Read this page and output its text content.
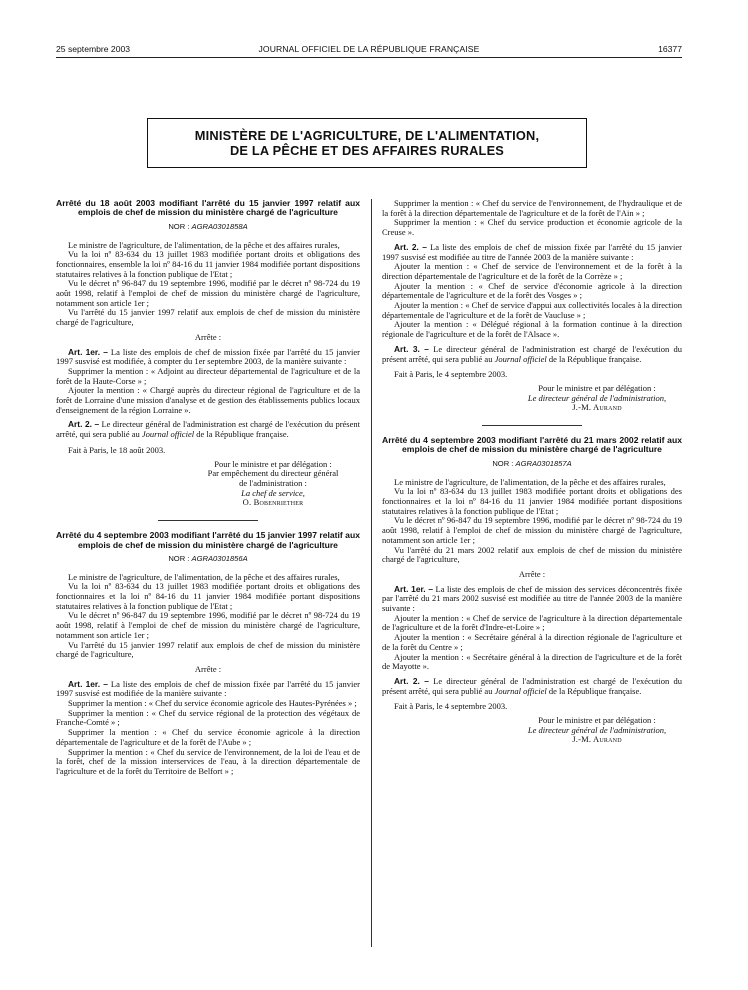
25 septembre 2003	JOURNAL OFFICIEL DE LA RÉPUBLIQUE FRANÇAISE	16377
MINISTÈRE DE L'AGRICULTURE, DE L'ALIMENTATION,
DE LA PÊCHE ET DES AFFAIRES RURALES
Arrêté du 18 août 2003 modifiant l'arrêté du 15 janvier 1997 relatif aux emplois de chef de mission du ministère chargé de l'agriculture
NOR : AGRA0301858A

Le ministre de l'agriculture, de l'alimentation, de la pêche et des affaires rurales,

Vu la loi nº 83-634 du 13 juillet 1983 modifiée portant droits et obligations des fonctionnaires, ensemble la loi nº 84-16 du 11 janvier 1984 modifiée portant dispositions statutaires relatives à la fonction publique de l'Etat ;

Vu le décret nº 96-847 du 19 septembre 1996, modifié par le décret nº 98-724 du 19 août 1998, relatif à l'emploi de chef de mission du ministère chargé de l'agriculture, notamment son article 1er ;

Vu l'arrêté du 15 janvier 1997 relatif aux emplois de chef de mission du ministère chargé de l'agriculture,

Arrête :

Art. 1er. – La liste des emplois de chef de mission fixée par l'arrêté du 15 janvier 1997 susvisé est modifiée, à compter du 1er septembre 2003, de la manière suivante :

Supprimer la mention : « Adjoint au directeur départemental de l'agriculture et de la forêt de la Haute-Corse » ;

Ajouter la mention : « Chargé auprès du directeur régional de l'agriculture et de la forêt de Lorraine d'une mission d'analyse et de gestion des établissements publics locaux d'enseignement de la région Lorraine ».

Art. 2. – Le directeur général de l'administration est chargé de l'exécution du présent arrêté, qui sera publié au Journal officiel de la République française.

Fait à Paris, le 18 août 2003.

Pour le ministre et par délégation :
Par empêchement du directeur général
de l'administration :
La chef de service,
O. Bobenriether
Arrêté du 4 septembre 2003 modifiant l'arrêté du 15 janvier 1997 relatif aux emplois de chef de mission du ministère chargé de l'agriculture
NOR : AGRA0301856A

Le ministre de l'agriculture, de l'alimentation, de la pêche et des affaires rurales,

Vu la loi nº 83-634 du 13 juillet 1983 modifiée portant droits et obligations des fonctionnaires et la loi nº 84-16 du 11 janvier 1984 modifiée portant dispositions statutaires relatives à la fonction publique de l'Etat ;

Vu le décret nº 96-847 du 19 septembre 1996, modifié par le décret nº 98-724 du 19 août 1998, relatif à l'emploi de chef de mission du ministère chargé de l'agriculture, notamment son article 1er ;

Vu l'arrêté du 15 janvier 1997 relatif aux emplois de chef de mission du ministère chargé de l'agriculture,

Arrête :

Art. 1er. – La liste des emplois de chef de mission fixée par l'arrêté du 15 janvier 1997 susvisé est modifiée de la manière suivante :

Supprimer la mention : « Chef du service économie agricole des Hautes-Pyrénées » ;

Supprimer la mention : « Chef du service régional de la protection des végétaux de Franche-Comté » ;

Supprimer la mention : « Chef du service économie agricole à la direction départementale de l'agriculture et de la forêt de l'Aube » ;

Supprimer la mention : « Chef du service de l'environnement, de la loi de l'eau et de la forêt, chef de la mission interservices de l'eau, à la direction départementale de l'agriculture et de la forêt du Territoire de Belfort » ;

Supprimer la mention : « Chef du service de l'environnement, de l'hydraulique et de la forêt à la direction départementale de l'agriculture et de la forêt de l'Ain » ;

Supprimer la mention : « Chef du service production et économie agricole de la Creuse ».

Art. 2. – La liste des emplois de chef de mission fixée par l'arrêté du 15 janvier 1997 susvisé est modifiée au titre de l'année 2003 de la manière suivante :

Ajouter la mention : « Chef de service de l'environnement et de la forêt à la direction départementale de l'agriculture et de la forêt de la Corrèze » ;

Ajouter la mention : « Chef de service d'économie agricole à la direction départementale de l'agriculture et de la forêt des Vosges » ;

Ajouter la mention : « Chef de service d'appui aux collectivités locales à la direction départementale de l'agriculture et de la forêt de Vaucluse » ;

Ajouter la mention : « Délégué régional à la formation continue à la direction régionale de l'agriculture et de la forêt de l'Alsace ».

Art. 3. – Le directeur général de l'administration est chargé de l'exécution du présent arrêté, qui sera publié au Journal officiel de la République française.

Fait à Paris, le 4 septembre 2003.

Pour le ministre et par délégation :
Le directeur général de l'administration,
J.-M. Aurand
Arrêté du 4 septembre 2003 modifiant l'arrêté du 21 mars 2002 relatif aux emplois de chef de mission du ministère chargé de l'agriculture
NOR : AGRA0301857A

Le ministre de l'agriculture, de l'alimentation, de la pêche et des affaires rurales,

Vu la loi nº 83-634 du 13 juillet 1983 modifiée portant droits et obligations des fonctionnaires et la loi nº 84-16 du 11 janvier 1984 modifiée portant dispositions statutaires relatives à la fonction publique de l'Etat ;

Vu le décret nº 96-847 du 19 septembre 1996, modifié par le décret nº 98-724 du 19 août 1998, relatif à l'emploi de chef de mission du ministère chargé de l'agriculture, notamment son article 1er ;

Vu l'arrêté du 21 mars 2002 relatif aux emplois de chef de mission du ministère chargé de l'agriculture,

Arrête :

Art. 1er. – La liste des emplois de chef de mission des services déconcentrés fixée par l'arrêté du 21 mars 2002 susvisé est modifiée au titre de l'année 2003 de la manière suivante :

Ajouter la mention : « Chef de service de l'agriculture à la direction départementale de l'agriculture et de la forêt d'Indre-et-Loire » ;

Ajouter la mention : « Secrétaire général à la direction régionale de l'agriculture et de la forêt du Centre » ;

Ajouter la mention : « Secrétaire général à la direction de l'agriculture et de la forêt de Mayotte ».

Art. 2. – Le directeur général de l'administration est chargé de l'exécution du présent arrêté, qui sera publié au Journal officiel de la République française.

Fait à Paris, le 4 septembre 2003.

Pour le ministre et par délégation :
Le directeur général de l'administration,
J.-M. Aurand
